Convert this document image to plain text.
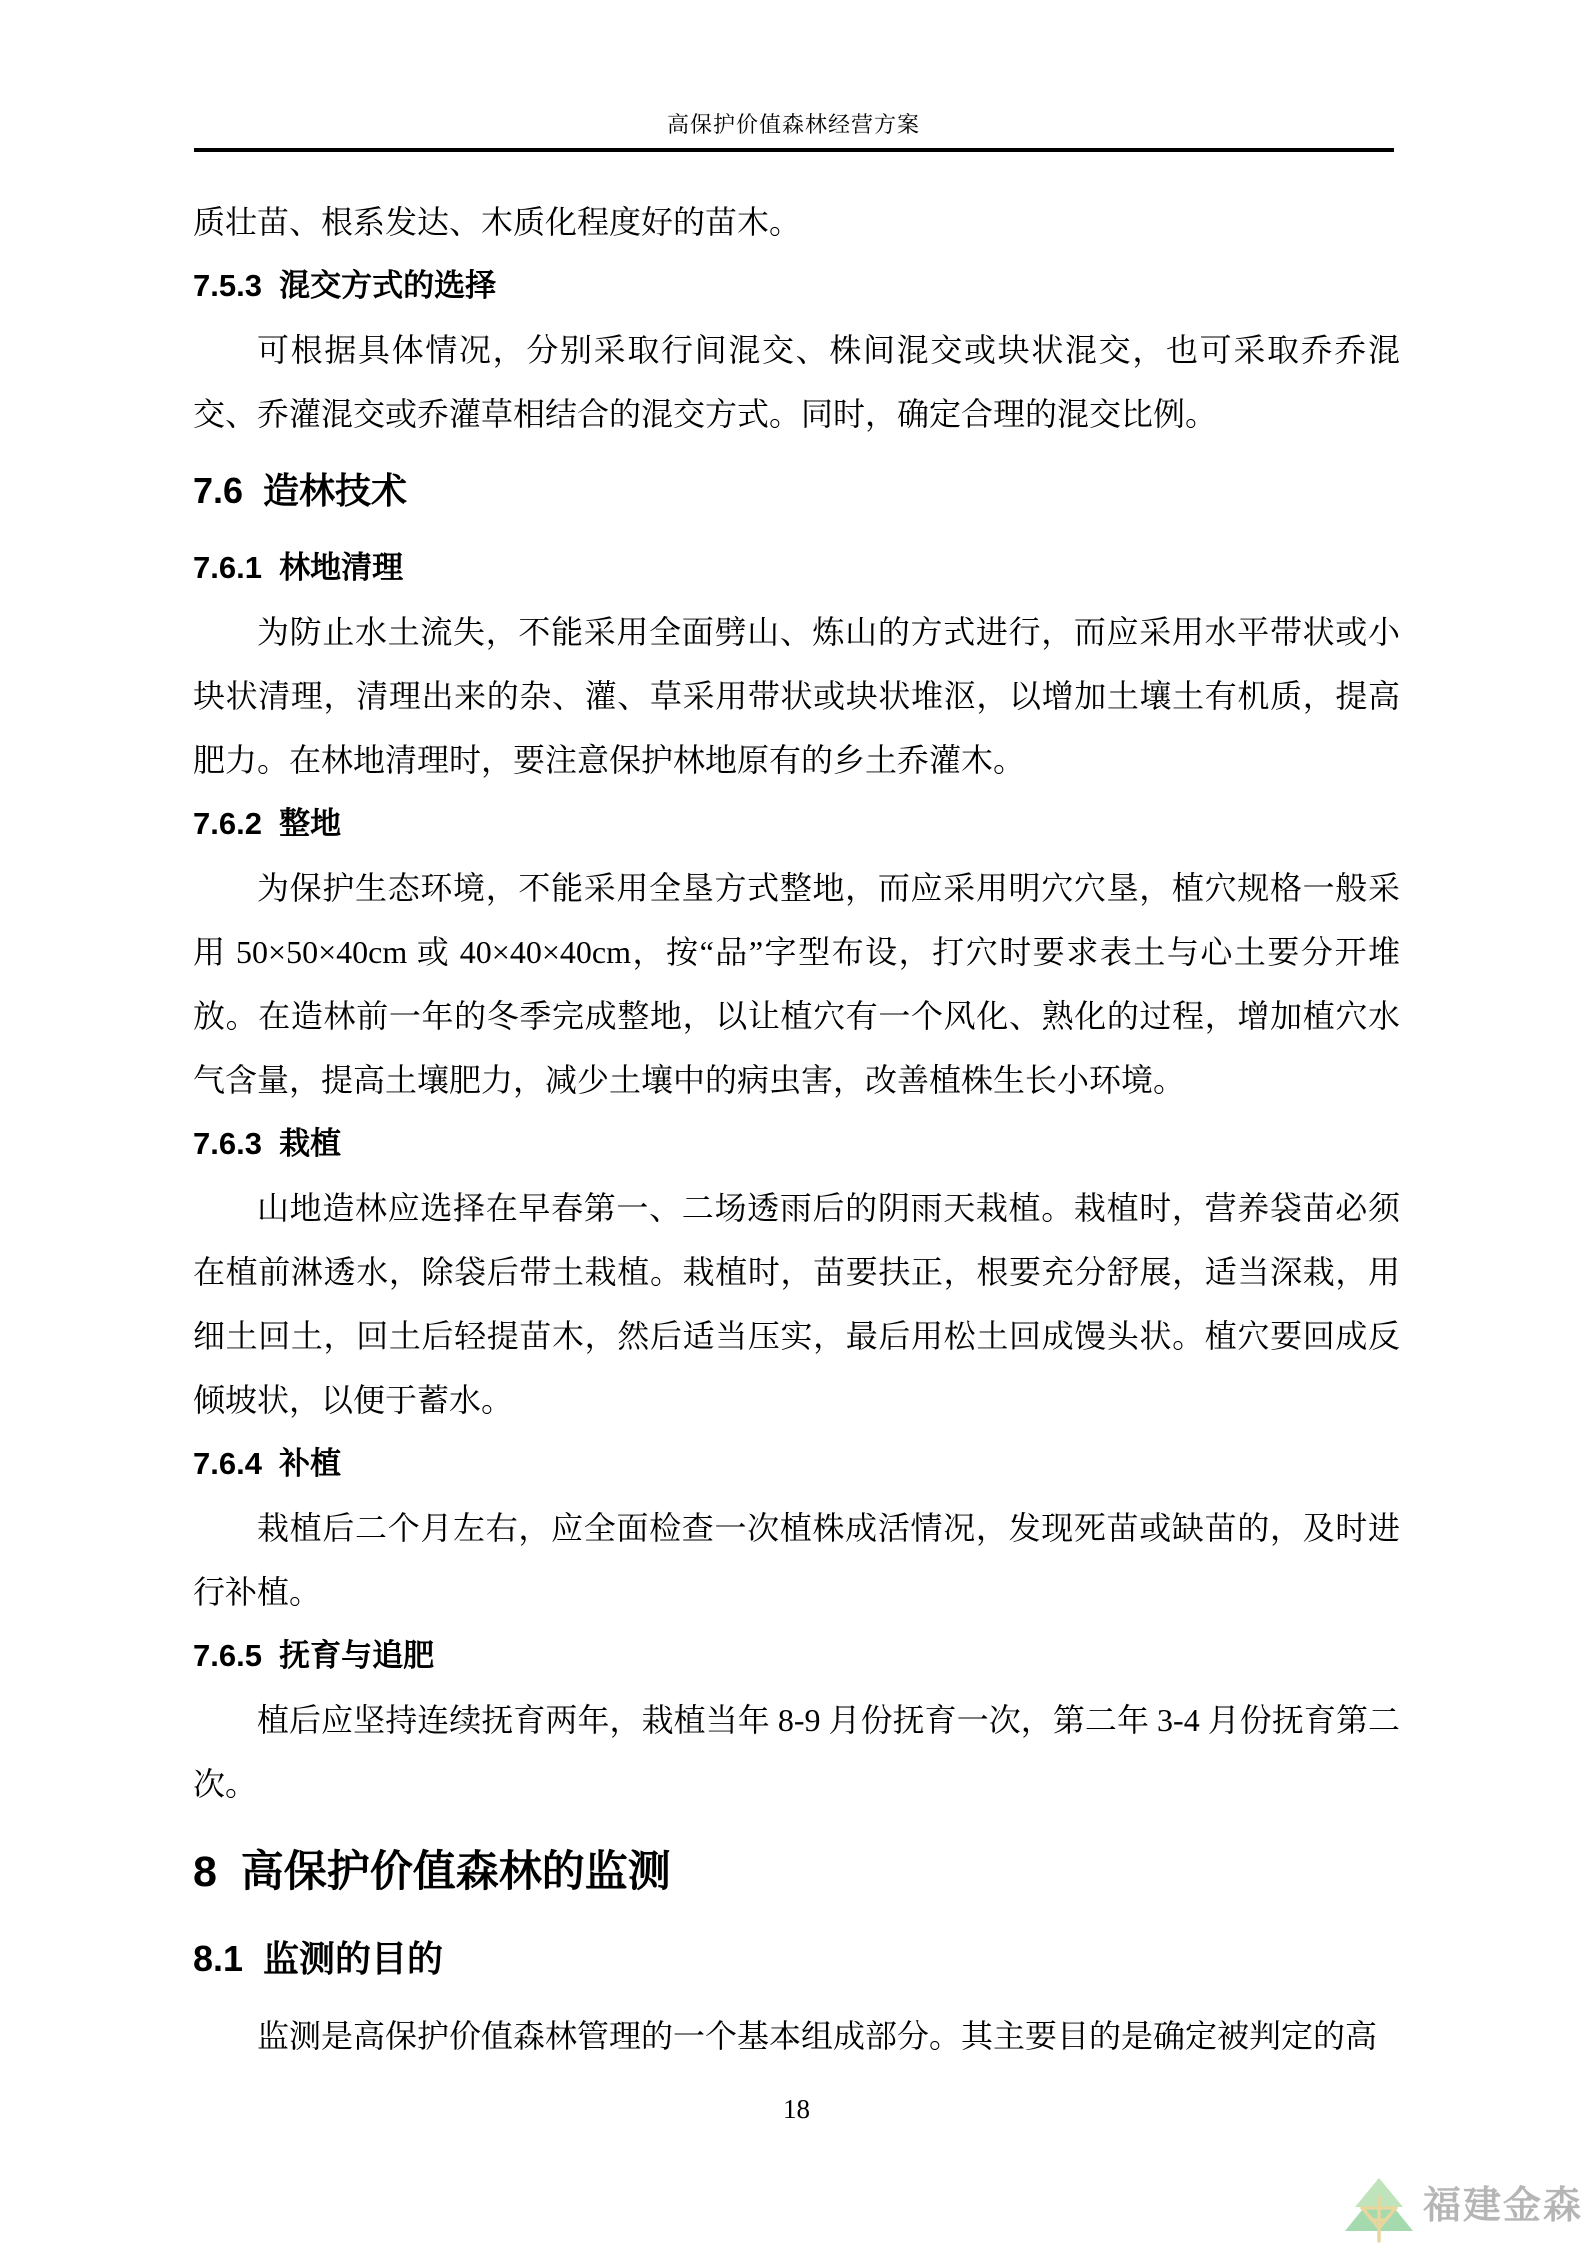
高保护价值森林经营方案
质壮苗、根系发达、木质化程度好的苗木。
7.5.3  混交方式的选择
可根据具体情况，分别采取行间混交、株间混交或块状混交，也可采取乔乔混交、乔灌混交或乔灌草相结合的混交方式。同时，确定合理的混交比例。
7.6  造林技术
7.6.1  林地清理
为防止水土流失，不能采用全面劈山、炼山的方式进行，而应采用水平带状或小块状清理，清理出来的杂、灌、草采用带状或块状堆沤，以增加土壤土有机质，提高肥力。在林地清理时，要注意保护林地原有的乡土乔灌木。
7.6.2  整地
为保护生态环境，不能采用全垦方式整地，而应采用明穴穴垦，植穴规格一般采用 50×50×40cm 或 40×40×40cm，按“品”字型布设，打穴时要求表土与心土要分开堆放。在造林前一年的冬季完成整地，以让植穴有一个风化、熟化的过程，增加植穴水气含量，提高土壤肥力，减少土壤中的病虫害，改善植株生长小环境。
7.6.3  栽植
山地造林应选择在早春第一、二场透雨后的阴雨天栽植。栽植时，营养袋苗必须在植前淋透水，除袋后带土栽植。栽植时，苗要扶正，根要充分舒展，适当深栽，用细土回土，回土后轻提苗木，然后适当压实，最后用松土回成馒头状。植穴要回成反倾坡状，以便于蓄水。
7.6.4  补植
栽植后二个月左右，应全面检查一次植株成活情况，发现死苗或缺苗的，及时进行补植。
7.6.5  抚育与追肥
植后应坚持连续抚育两年，栽植当年 8-9 月份抚育一次，第二年 3-4 月份抚育第二次。
8  高保护价值森林的监测
8.1  监测的目的
监测是高保护价值森林管理的一个基本组成部分。其主要目的是确定被判定的高
18
福建金森
